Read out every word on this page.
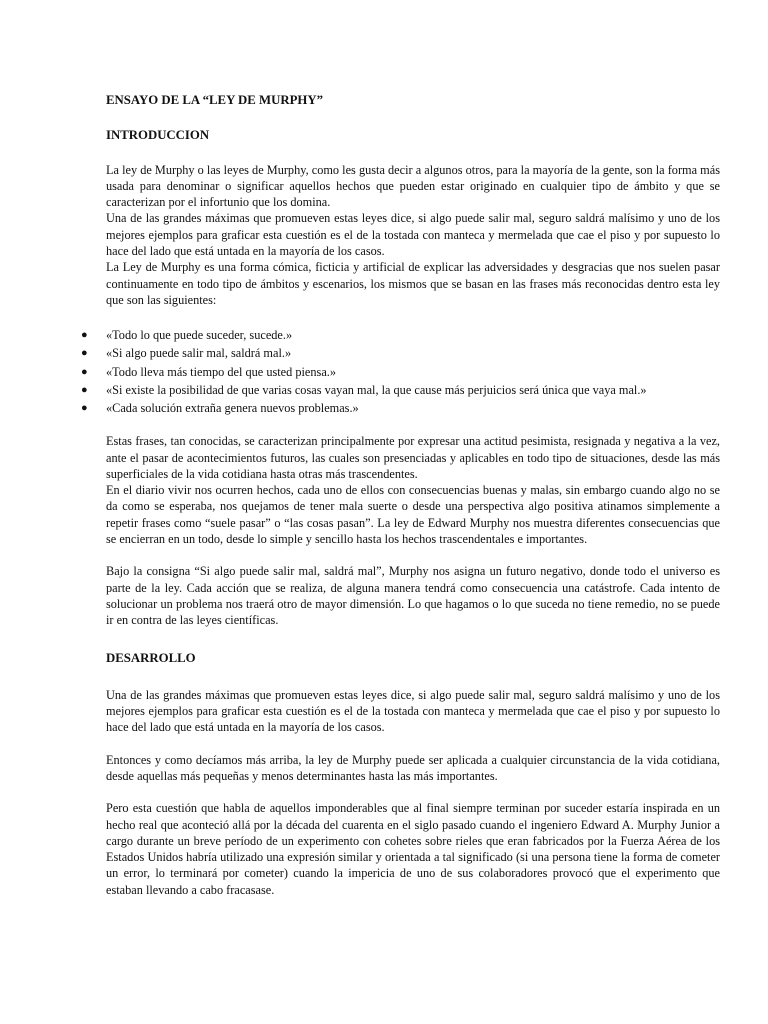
ENSAYO DE LA “LEY DE MURPHY”
INTRODUCCION

La ley de Murphy o las leyes de Murphy, como les gusta decir a algunos otros, para la mayoría de la gente, son la forma más usada para denominar o significar aquellos hechos que pueden estar originado en cualquier tipo de ámbito y que se caracterizan por el infortunio que los domina.

Una de las grandes máximas que promueven estas leyes dice, si algo puede salir mal, seguro saldrá malísimo y uno de los mejores ejemplos para graficar esta cuestión es el de la tostada con manteca y mermelada que cae el piso y por supuesto lo hace del lado que está untada en la mayoría de los casos.

La Ley de Murphy es una forma cómica, ficticia y artificial de explicar las adversidades y desgracias que nos suelen pasar continuamente en todo tipo de ámbitos y escenarios, los mismos que se basan en las frases más reconocidas dentro esta ley que son las siguientes:

● «Todo lo que puede suceder, sucede.»
● «Si algo puede salir mal, saldrá mal.»
● «Todo lleva más tiempo del que usted piensa.»
● «Si existe la posibilidad de que varias cosas vayan mal, la que cause más perjuicios será única que vaya mal.»
● «Cada solución extraña genera nuevos problemas.»

Estas frases, tan conocidas, se caracterizan principalmente por expresar una actitud pesimista, resignada y negativa a la vez, ante el pasar de acontecimientos futuros, las cuales son presenciadas y aplicables en todo tipo de situaciones, desde las más superficiales de la vida cotidiana hasta otras más trascendentes.

En el diario vivir nos ocurren hechos, cada uno de ellos con consecuencias buenas y malas, sin embargo cuando algo no se da como se esperaba, nos quejamos de tener mala suerte o desde una perspectiva algo positiva atinamos simplemente a repetir frases como “suele pasar” o “las cosas pasan”. La ley de Edward Murphy nos muestra diferentes consecuencias que se encierran en un todo, desde lo simple y sencillo hasta los hechos trascendentales e importantes.

Bajo la consigna “Si algo puede salir mal, saldrá mal”, Murphy nos asigna un futuro negativo, donde todo el universo es parte de la ley. Cada acción que se realiza, de alguna manera tendrá como consecuencia una catástrofe. Cada intento de solucionar un problema nos traerá otro de mayor dimensión. Lo que hagamos o lo que suceda no tiene remedio, no se puede ir en contra de las leyes científicas.

DESARROLLO

Una de las grandes máximas que promueven estas leyes dice, si algo puede salir mal, seguro saldrá malísimo y uno de los mejores ejemplos para graficar esta cuestión es el de la tostada con manteca y mermelada que cae el piso y por supuesto lo hace del lado que está untada en la mayoría de los casos.

Entonces y como decíamos más arriba, la ley de Murphy puede ser aplicada a cualquier circunstancia de la vida cotidiana, desde aquellas más pequeñas y menos determinantes hasta las más importantes.

Pero esta cuestión que habla de aquellos imponderables que al final siempre terminan por suceder estaría inspirada en un hecho real que aconteció allá por la década del cuarenta en el siglo pasado cuando el ingeniero Edward A. Murphy Junior a cargo durante un breve período de un experimento con cohetes sobre rieles que eran fabricados por la Fuerza Aérea de los Estados Unidos habría utilizado una expresión similar y orientada a tal significado (si una persona tiene la forma de cometer un error, lo terminará por cometer) cuando la impericia de uno de sus colaboradores provocó que el experimento que estaban llevando a cabo fracasase.
